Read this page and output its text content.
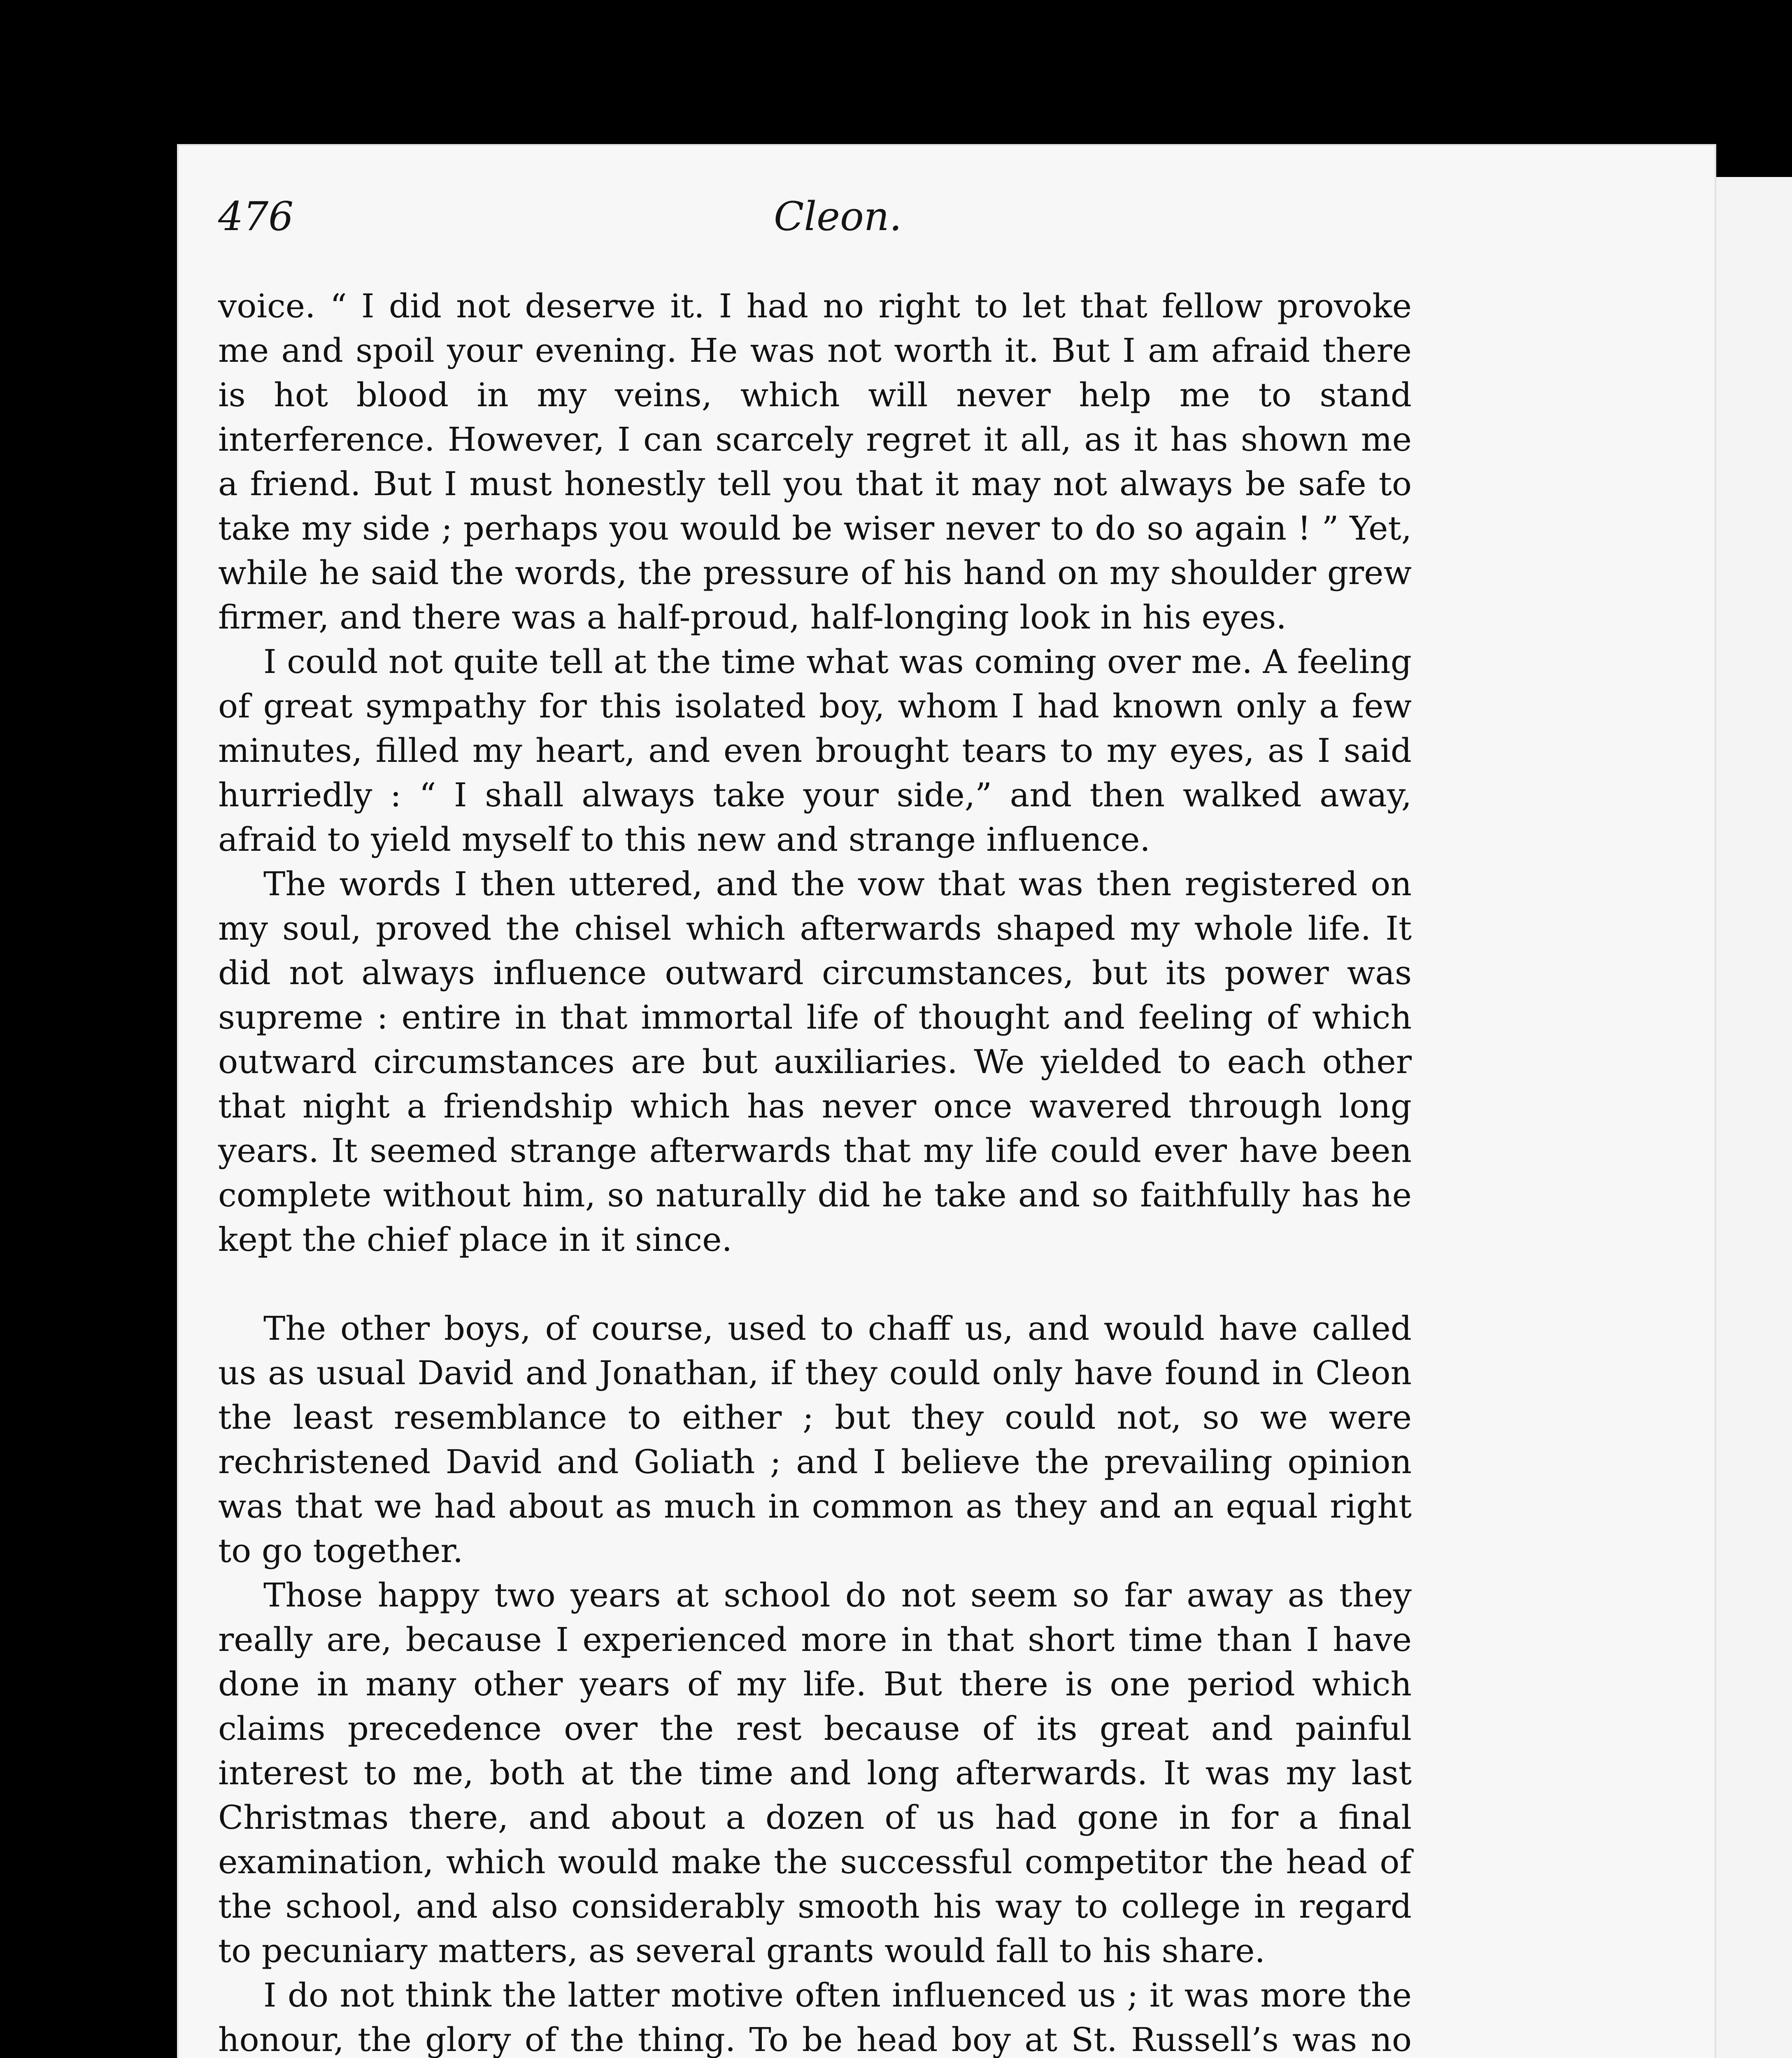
476	Cleon.

voice. “ I did not deserve it. I had no right to let that fellow provoke me and spoil your evening. He was not worth it. But I am afraid there is hot blood in my veins, which will never help me to stand interference. However, I can scarcely regret it all, as it has shown me a friend. But I must honestly tell you that it may not always be safe to take my side ; perhaps you would be wiser never to do so again ! ” Yet, while he said the words, the pressure of his hand on my shoulder grew firmer, and there was a half-proud, half-longing look in his eyes.

I could not quite tell at the time what was coming over me. A feeling of great sympathy for this isolated boy, whom I had known only a few minutes, filled my heart, and even brought tears to my eyes, as I said hurriedly : “ I shall always take your side,” and then walked away, afraid to yield myself to this new and strange influence.

The words I then uttered, and the vow that was then registered on my soul, proved the chisel which afterwards shaped my whole life. It did not always influence outward circumstances, but its power was supreme : entire in that immortal life of thought and feeling of which outward circumstances are but auxiliaries. We yielded to each other that night a friendship which has never once wavered through long years. It seemed strange afterwards that my life could ever have been complete without him, so naturally did he take and so faithfully has he kept the chief place in it since.

The other boys, of course, used to chaff us, and would have called us as usual David and Jonathan, if they could only have found in Cleon the least resemblance to either ; but they could not, so we were rechristened David and Goliath ; and I believe the prevailing opinion was that we had about as much in common as they and an equal right to go together.

Those happy two years at school do not seem so far away as they really are, because I experienced more in that short time than I have done in many other years of my life. But there is one period which claims precedence over the rest because of its great and painful interest to me, both at the time and long afterwards. It was my last Christmas there, and about a dozen of us had gone in for a final examination, which would make the successful competitor the head of the school, and also considerably smooth his way to college in regard to pecuniary matters, as several grants would fall to his share.

I do not think the latter motive often influenced us ; it was more the honour, the glory of the thing. To be head boy at St. Russell’s was no
